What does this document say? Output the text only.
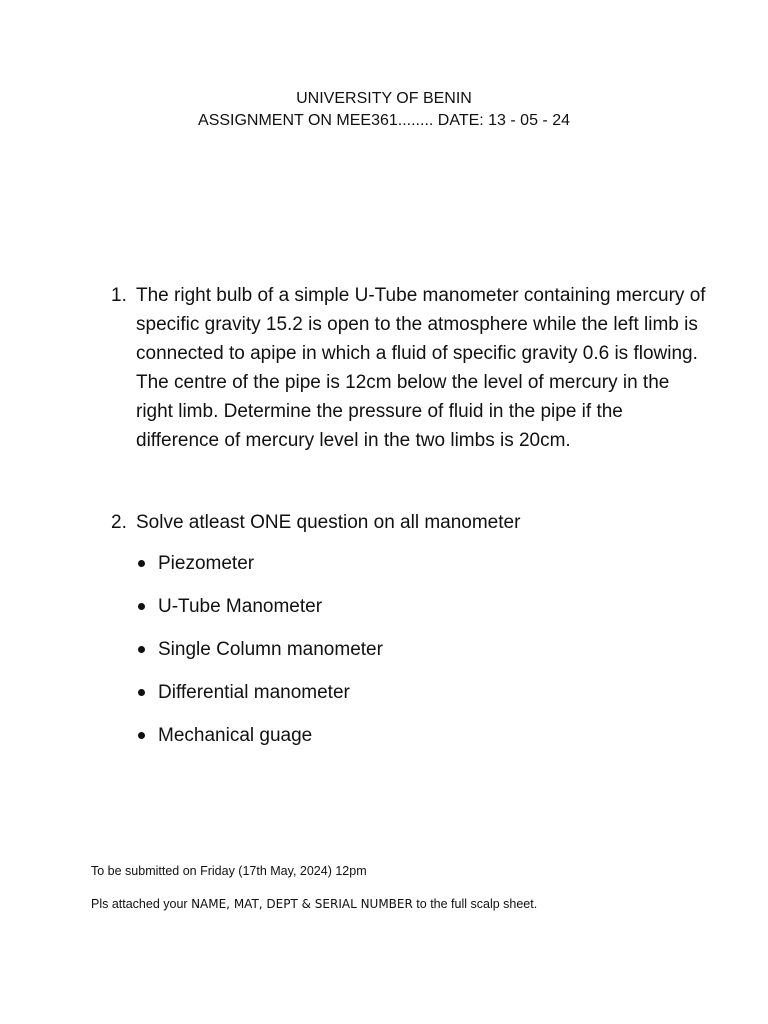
UNIVERSITY OF BENIN
ASSIGNMENT ON MEE361........ DATE: 13 - 05 - 24
1. The right bulb of a simple U-Tube manometer containing mercury of specific gravity 15.2 is open to the atmosphere while the left limb is connected to apipe in which a fluid of specific gravity 0.6 is flowing. The centre of the pipe is 12cm below the level of mercury in the right limb. Determine the pressure of fluid in the pipe if the difference of mercury level in the two limbs is 20cm.
2. Solve atleast ONE question on all manometer
Piezometer
U-Tube Manometer
Single Column manometer
Differential manometer
Mechanical guage

To be submitted on Friday (17th May, 2024) 12pm

Pls attached your NAME, MAT, DEPT & SERIAL NUMBER to the full scalp sheet.
